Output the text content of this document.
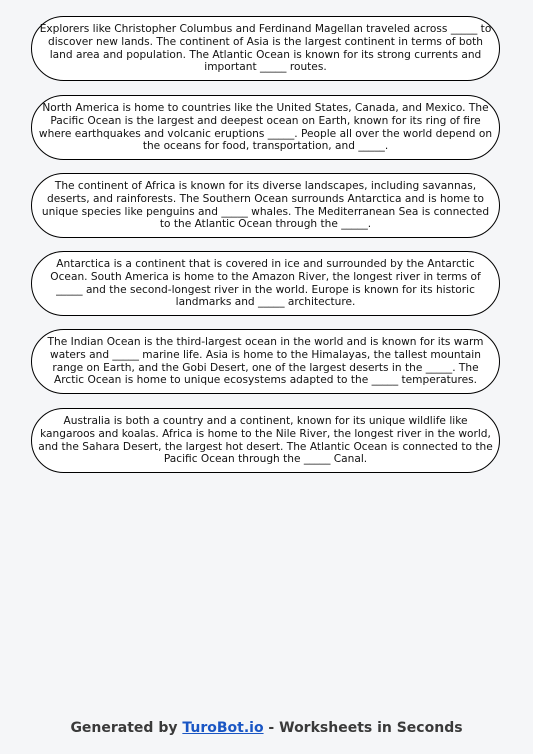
Explorers like Christopher Columbus and Ferdinand Magellan traveled across _____ to discover new lands. The continent of Asia is the largest continent in terms of both land area and population. The Atlantic Ocean is known for its strong currents and important _____ routes.
North America is home to countries like the United States, Canada, and Mexico. The Pacific Ocean is the largest and deepest ocean on Earth, known for its ring of fire where earthquakes and volcanic eruptions _____. People all over the world depend on the oceans for food, transportation, and _____.
The continent of Africa is known for its diverse landscapes, including savannas, deserts, and rainforests. The Southern Ocean surrounds Antarctica and is home to unique species like penguins and _____ whales. The Mediterranean Sea is connected to the Atlantic Ocean through the _____.
Antarctica is a continent that is covered in ice and surrounded by the Antarctic Ocean. South America is home to the Amazon River, the longest river in terms of _____ and the second-longest river in the world. Europe is known for its historic landmarks and _____ architecture.
The Indian Ocean is the third-largest ocean in the world and is known for its warm waters and _____ marine life. Asia is home to the Himalayas, the tallest mountain range on Earth, and the Gobi Desert, one of the largest deserts in the _____. The Arctic Ocean is home to unique ecosystems adapted to the _____ temperatures.
Australia is both a country and a continent, known for its unique wildlife like kangaroos and koalas. Africa is home to the Nile River, the longest river in the world, and the Sahara Desert, the largest hot desert. The Atlantic Ocean is connected to the Pacific Ocean through the _____ Canal.
Generated by TuroBot.io - Worksheets in Seconds
